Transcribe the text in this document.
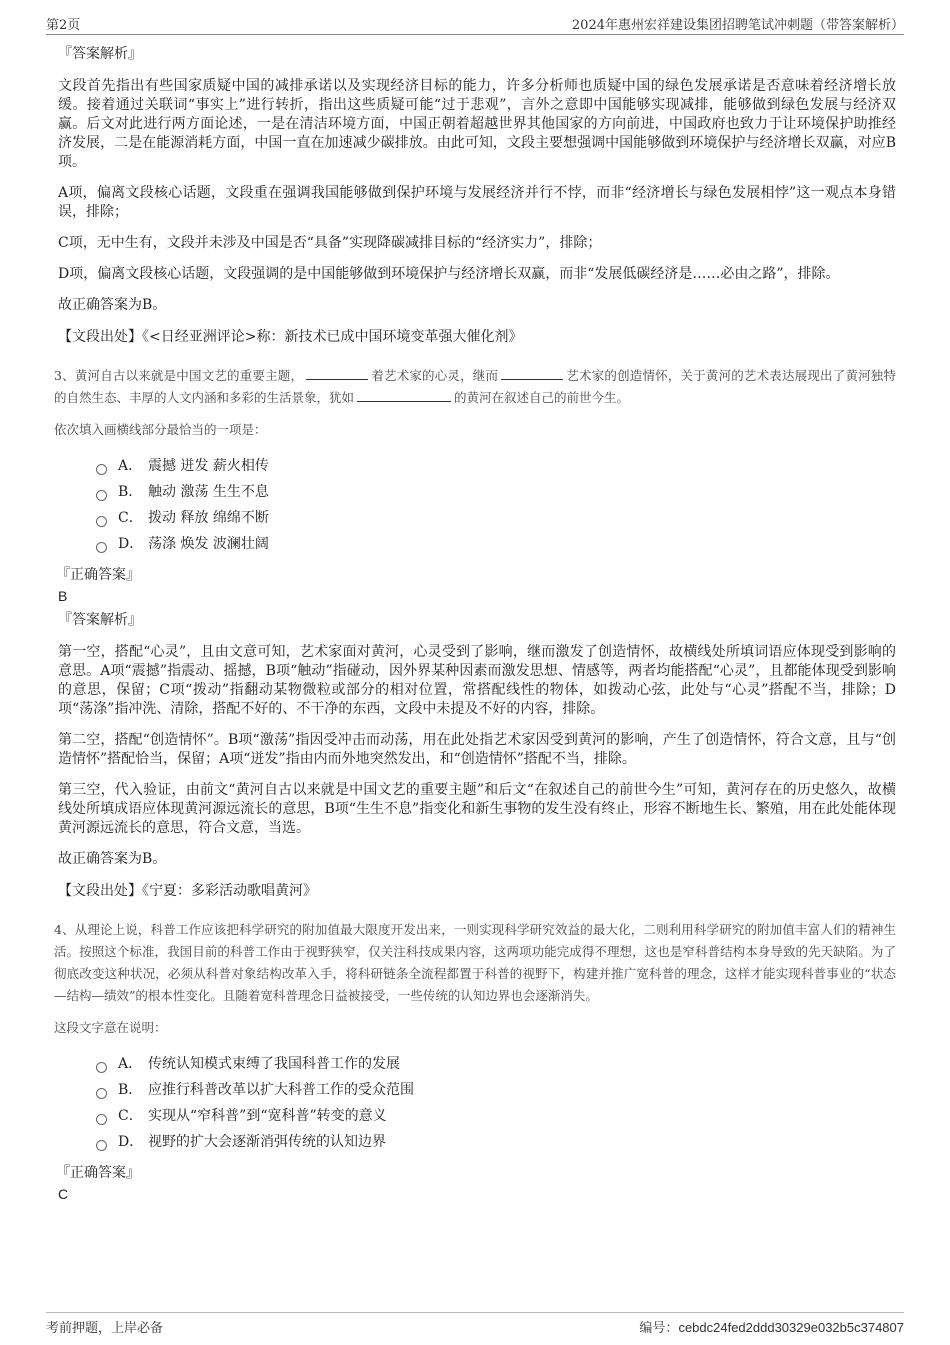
第2页	2024年惠州宏祥建设集团招聘笔试冲刺题（带答案解析）
『答案解析』

文段首先指出有些国家质疑中国的减排承诺以及实现经济目标的能力，许多分析师也质疑中国的绿色发展承诺是否意味着经济增长放缓。接着通过关联词“事实上”进行转折，指出这些质疑可能“过于悲观”，言外之意即中国能够实现减排，能够做到绿色发展与经济双赢。后文对此进行两方面论述，一是在清洁环境方面，中国正朝着超越世界其他国家的方向前进，中国政府也致力于让环境保护助推经济发展，二是在能源消耗方面，中国一直在加速减少碳排放。由此可知，文段主要想强调中国能够做到环境保护与经济增长双赢，对应B项。

A项，偏离文段核心话题，文段重在强调我国能够做到保护环境与发展经济并行不悖，而非“经济增长与绿色发展相悖”这一观点本身错误，排除；

C项，无中生有，文段并未涉及中国是否“具备”实现降碳减排目标的“经济实力”，排除；

D项，偏离文段核心话题，文段强调的是中国能够做到环境保护与经济增长双赢，而非“发展低碳经济是……必由之路”，排除。

故正确答案为B。

【文段出处】《<日经亚洲评论>称：新技术已成中国环境变革强大催化剂》
3、黄河自古以来就是中国文艺的重要主题，	着艺术家的心灵，继而	艺术家的创造情怀，关于黄河的艺术表达展现出了黄河独特的自然生态、丰厚的人文内涵和多彩的生活景象，犹如	的黄河在叙述自己的前世今生。
依次填入画横线部分最恰当的一项是：
A． 震撼 迸发 薪火相传
B． 触动 激荡 生生不息
C． 拨动 释放 绵绵不断
D． 荡涤 焕发 波澜壮阔
『正确答案』
B
『答案解析』

第一空，搭配“心灵”，且由文意可知，艺术家面对黄河，心灵受到了影响，继而激发了创造情怀，故横线处所填词语应体现受到影响的意思。A项“震撼”指震动、摇撼，B项“触动”指碰动，因外界某种因素而激发思想、情感等，两者均能搭配“心灵”，且都能体现受到影响的意思，保留；C项“拨动”指翻动某物微粒或部分的相对位置，常搭配线性的物体，如拨动心弦，此处与“心灵”搭配不当，排除；D项“荡涤”指冲洗、清除，搭配不好的、不干净的东西，文段中未提及不好的内容，排除。

第二空，搭配“创造情怀”。B项“激荡”指因受冲击而动荡，用在此处指艺术家因受到黄河的影响，产生了创造情怀，符合文意，且与“创造情怀”搭配恰当，保留；A项“迸发”指由内而外地突然发出，和“创造情怀”搭配不当，排除。

第三空，代入验证，由前文“黄河自古以来就是中国文艺的重要主题”和后文“在叙述自己的前世今生”可知，黄河存在的历史悠久，故横线处所填成语应体现黄河源远流长的意思，B项“生生不息”指变化和新生事物的发生没有终止，形容不断地生长、繁殖，用在此处能体现黄河源远流长的意思，符合文意，当选。

故正确答案为B。

【文段出处】《宁夏：多彩活动歌唱黄河》
4、从理论上说，科普工作应该把科学研究的附加值最大限度开发出来，一则实现科学研究效益的最大化，二则利用科学研究的附加值丰富人们的精神生活。按照这个标准，我国目前的科普工作由于视野狭窄，仅关注科技成果内容，这两项功能完成得不理想，这也是窄科普结构本身导致的先天缺陷。为了彻底改变这种状况，必须从科普对象结构改革入手，将科研链条全流程都置于科普的视野下，构建并推广宽科普的理念，这样才能实现科普事业的“状态—结构—绩效”的根本性变化。且随着宽科普理念日益被接受，一些传统的认知边界也会逐渐消失。
这段文字意在说明：
A． 传统认知模式束缚了我国科普工作的发展
B． 应推行科普改革以扩大科普工作的受众范围
C． 实现从“窄科普”到“宽科普”转变的意义
D． 视野的扩大会逐渐消弭传统的认知边界
『正确答案』
C
考前押题，上岸必备	编号：cebdc24fed2ddd30329e032b5c374807
